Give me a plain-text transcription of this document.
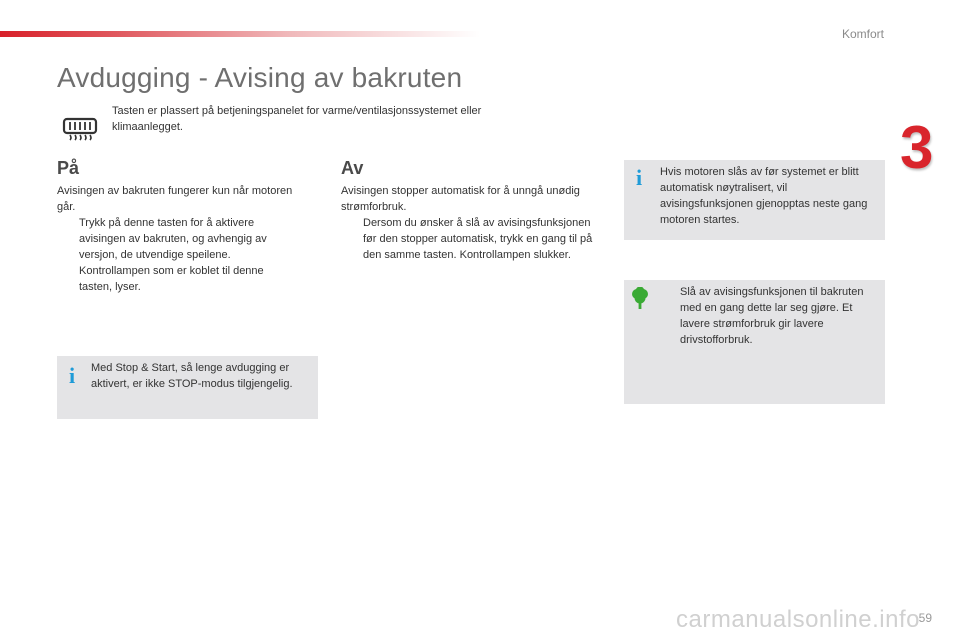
Komfort
3
Avdugging - Avising av bakruten
Tasten er plassert på betjeningspanelet for varme/ventilasjonssystemet eller klimaanlegget.
På

Avisingen av bakruten fungerer kun når motoren går.

Trykk på denne tasten for å aktivere avisingen av bakruten, og avhengig av versjon, de utvendige speilene. Kontrollampen som er koblet til denne tasten, lyser.
i Med Stop & Start, så lenge avdugging er aktivert, er ikke STOP-modus tilgjengelig.
Av

Avisingen stopper automatisk for å unngå unødig strømforbruk.

Dersom du ønsker å slå av avisingsfunksjonen før den stopper automatisk, trykk en gang til på den samme tasten. Kontrollampen slukker.
i Hvis motoren slås av før systemet er blitt automatisk nøytralisert, vil avisingsfunksjonen gjenopptas neste gang motoren startes.
Slå av avisingsfunksjonen til bakruten med en gang dette lar seg gjøre. Et lavere strømforbruk gir lavere drivstofforbruk.
carmanualsonline.info
59
